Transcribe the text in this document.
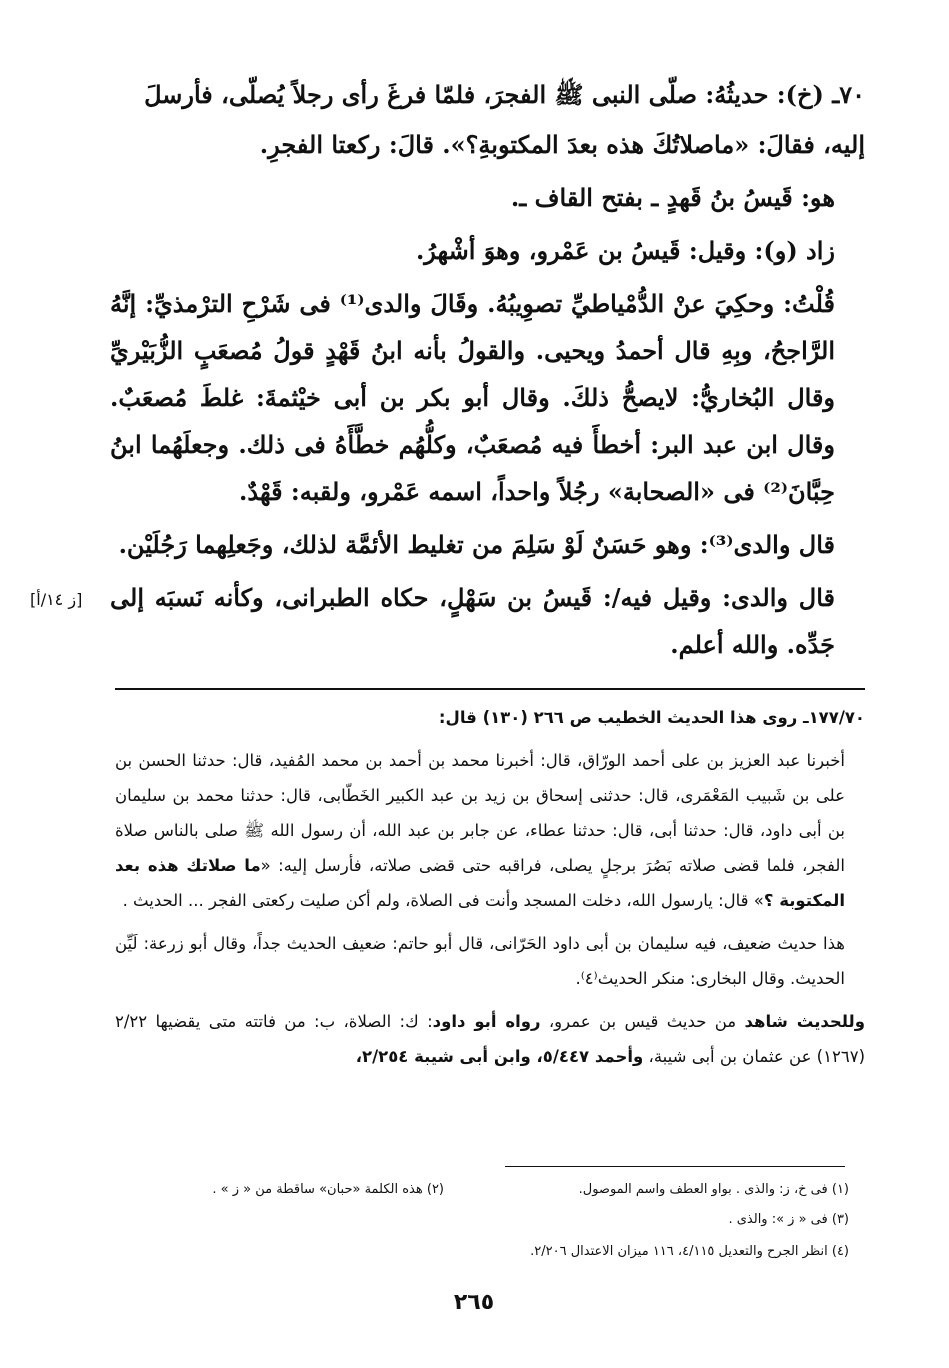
٧٠ـ (خ): حديثُهُ: صلّى النبى ﷺ الفجرَ، فلمّا فرغَ رأى رجلاً يُصلّى، فأرسلَ

إليه، فقالَ: «ماصلاتُكَ هذه بعدَ المكتوبةِ؟». قالَ: ركعتا الفجرِ.

هو: قَيسُ بنُ قَهدٍ ـ بفتح القاف ـ.

زاد (و): وقيل: قَيسُ بن عَمْرو، وهوَ أشْهرُ.

قُلْتُ: وحكِيَ عنْ الدُّمْياطيِّ تصوِيبُهُ. وقَالَ والدى⁽¹⁾ فى شَرْحِ الترْمذيِّ: إنَّهُ الرَّاجحُ، وبِهِ قال أحمدُ ويحيى. والقولُ بأنه ابنُ قَهْدٍ قولُ مُصعَبٍ الزُّبَيْريِّ وقال البُخاريُّ: لايصحُّ ذلكَ. وقال أبو بكر بن أبى خيْثمةَ: غلطَ مُصعَبٌ. وقال ابن عبد البر: أخطأَ فيه مُصعَبٌ، وكلُّهُم خطَّأَهُ فى ذلك. وجعلَهُما ابنُ حِبَّانَ⁽²⁾ فى «الصحابة» رجُلاً واحداً، اسمه عَمْرو، ولقبه: قَهْدٌ.

قال والدى⁽³⁾: وهو حَسَنٌ لَوْ سَلِمَ من تغليط الأئمَّة لذلك، وجَعلِهما رَجُلَيْن.

قال والدى: وقيل فيه/: قَيسُ بن سَهْلٍ، حكاه الطبرانى، وكأنه نَسبَه إلى جَدِّه. والله أعلم.

[ز ١٤/أ]

١٧٧/٧٠ـ روى هذا الحديث الخطيب ص ٢٦٦ (١٣٠) قال:

أخبرنا عبد العزيز بن على أحمد الورّاق، قال: أخبرنا محمد بن أحمد بن محمد المُفيد، قال: حدثنا الحسن بن على بن شَبيب المَعْمَرى، قال: حدثنى إسحاق بن زيد بن عبد الكبير الخَطّابى، قال: حدثنا محمد بن سليمان بن أبى داود، قال: حدثنا أبى، قال: حدثنا عطاء، عن جابر بن عبد الله، أن رسول الله ﷺ صلى بالناس صلاة الفجر، فلما قضى صلاته بَصُرَ برجلٍ يصلى، فراقبه حتى قضى صلاته، فأرسل إليه: «ما صلاتك هذه بعد المكتوبة ؟» قال: يارسول الله، دخلت المسجد وأنت فى الصلاة، ولم أكن صليت ركعتى الفجر ... الحديث .

هذا حديث ضعيف، فيه سليمان بن أبى داود الحَرّانى، قال أبو حاتم: ضعيف الحديث جداً، وقال أبو زرعة: لَيِّن الحديث. وقال البخارى: منكر الحديث⁽٤⁾.

وللحديث شاهد من حديث قيس بن عمرو، رواه أبو داود: ك: الصلاة، ب: من فاتته متى يقضيها ٢/٢٢ (١٢٦٧) عن عثمان بن أبى شيبة، وأحمد ٥/٤٤٧، وابن أبى شيبة ٢/٢٥٤،

(١) فى خ، ز: والذى . بواو العطف واسم الموصول.
(٢) هذه الكلمة «حبان» ساقطة من « ز » .
(٣) فى « ز »: والذى .
(٤) انظر الجرح والتعديل ٤/١١٥، ١١٦ ميزان الاعتدال ٢/٢٠٦.
٢٦٥
